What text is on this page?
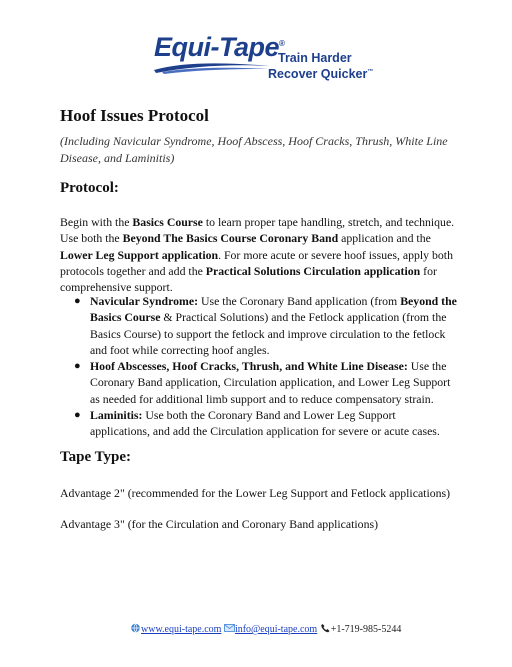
Equi-Tape®
Train Harder
Recover Quicker™
Hoof Issues Protocol

(Including Navicular Syndrome, Hoof Abscess, Hoof Cracks, Thrush, White Line Disease, and Laminitis)

Protocol:

Begin with the Basics Course to learn proper tape handling, stretch, and technique. Use both the Beyond The Basics Course Coronary Band application and the Lower Leg Support application. For more acute or severe hoof issues, apply both protocols together and add the Practical Solutions Circulation application for comprehensive support.

● Navicular Syndrome: Use the Coronary Band application (from Beyond the Basics Course & Practical Solutions) and the Fetlock application (from the Basics Course) to support the fetlock and improve circulation to the fetlock and foot while correcting hoof angles.
● Hoof Abscesses, Hoof Cracks, Thrush, and White Line Disease: Use the Coronary Band application, Circulation application, and Lower Leg Support as needed for additional limb support and to reduce compensatory strain.
● Laminitis: Use both the Coronary Band and Lower Leg Support applications, and add the Circulation application for severe or acute cases.
Tape Type:

Advantage 2" (recommended for the Lower Leg Support and Fetlock applications)

Advantage 3" (for the Circulation and Coronary Band applications)

www.equi-tape.com info@equi-tape.com +1-719-985-5244
